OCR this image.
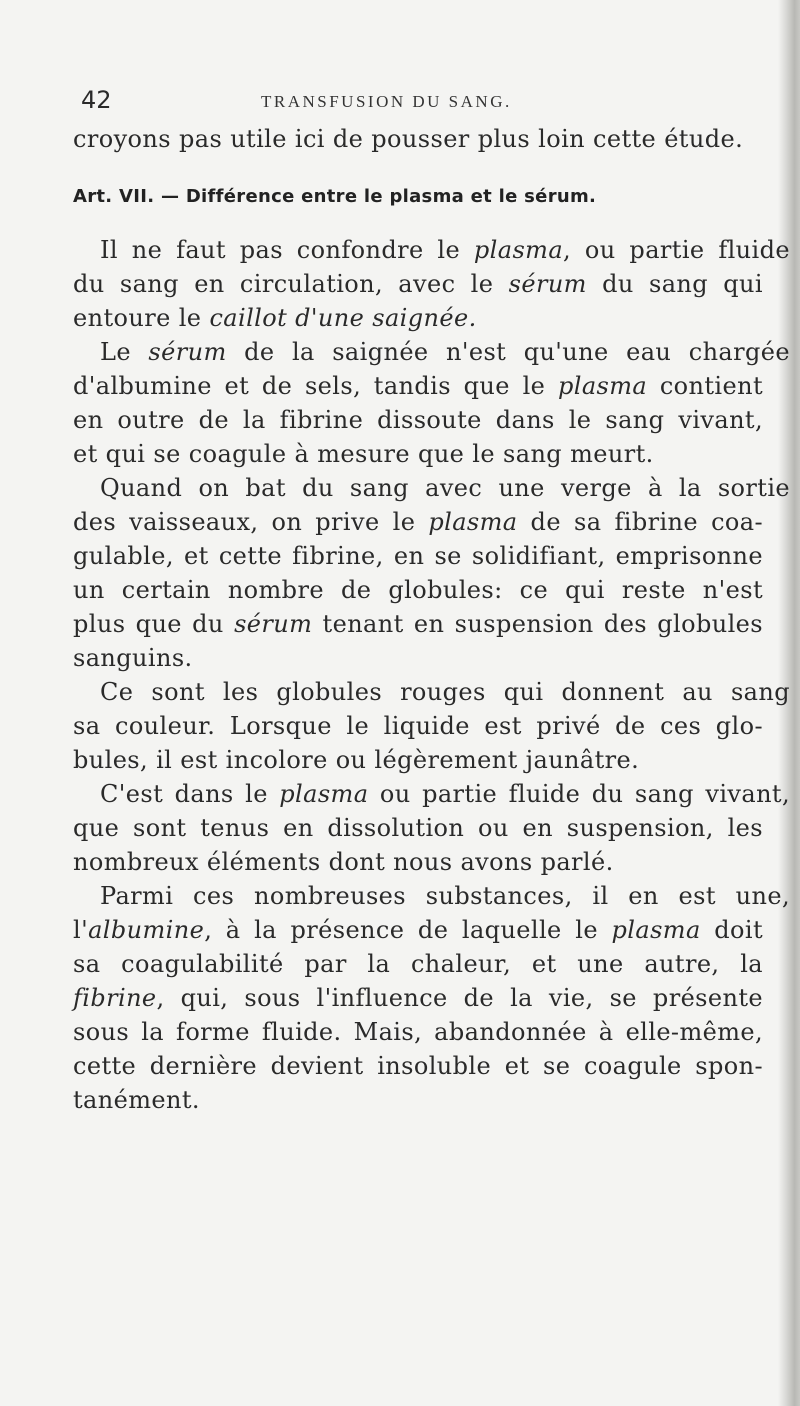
42	TRANSFUSION DU SANG.
croyons pas utile ici de pousser plus loin cette étude.
Art. VII. — Différence entre le plasma et le sérum.
Il ne faut pas confondre le plasma, ou partie fluide
du sang en circulation, avec le sérum du sang qui
entoure le caillot d'une saignée.
Le sérum de la saignée n'est qu'une eau chargée
d'albumine et de sels, tandis que le plasma contient
en outre de la fibrine dissoute dans le sang vivant,
et qui se coagule à mesure que le sang meurt.
Quand on bat du sang avec une verge à la sortie
des vaisseaux, on prive le plasma de sa fibrine coa-
gulable, et cette fibrine, en se solidifiant, emprisonne
un certain nombre de globules: ce qui reste n'est
plus que du sérum tenant en suspension des globules
sanguins.
Ce sont les globules rouges qui donnent au sang
sa couleur. Lorsque le liquide est privé de ces glo-
bules, il est incolore ou légèrement jaunâtre.
C'est dans le plasma ou partie fluide du sang vivant,
que sont tenus en dissolution ou en suspension, les
nombreux éléments dont nous avons parlé.
Parmi ces nombreuses substances, il en est une,
l'albumine, à la présence de laquelle le plasma doit
sa coagulabilité par la chaleur, et une autre, la
fibrine, qui, sous l'influence de la vie, se présente
sous la forme fluide. Mais, abandonnée à elle-même,
cette dernière devient insoluble et se coagule spon-
tanément.
